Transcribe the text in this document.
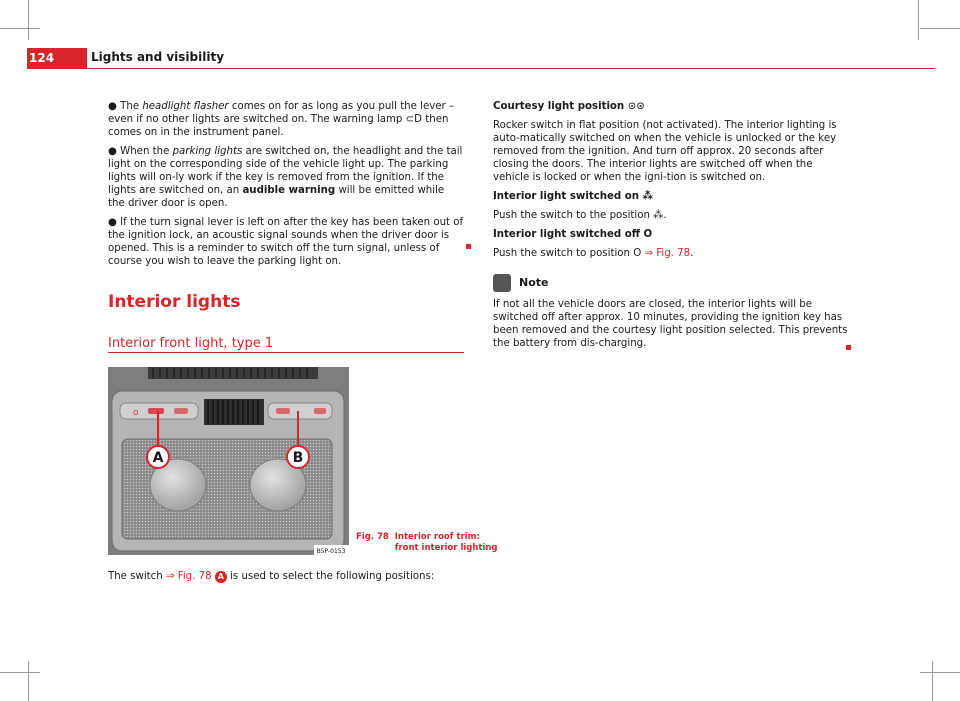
124	Lights and visibility

● The headlight flasher comes on for as long as you pull the lever – even if no other lights are switched on. The warning lamp ⊂D then comes on in the instrument panel.

● When the parking lights are switched on, the headlight and the tail light on the corresponding side of the vehicle light up. The parking lights will on-ly work if the key is removed from the ignition. If the lights are switched on, an audible warning will be emitted while the driver door is open.

● If the turn signal lever is left on after the key has been taken out of the ignition lock, an acoustic signal sounds when the driver door is opened. This is a reminder to switch off the turn signal, unless of course you wish to leave the parking light on.

Interior lights
Interior front light, type 1
O
A	B
B5P-0153
Fig. 78 Interior roof trim: front interior lighting
The switch ⇒ Fig. 78 A is used to select the following positions:

Courtesy light position ⊙⊙

Rocker switch in flat position (not activated). The interior lighting is auto-matically switched on when the vehicle is unlocked or the key removed from the ignition. And turn off approx. 20 seconds after closing the doors. The interior lights are switched off when the vehicle is locked or when the igni-tion is switched on.

Interior light switched on ⁂

Push the switch to the position ⁂.

Interior light switched off O

Push the switch to position O ⇒ Fig. 78.

Note

If not all the vehicle doors are closed, the interior lights will be switched off after approx. 10 minutes, providing the ignition key has been removed and the courtesy light position selected. This prevents the battery from dis-charging.
